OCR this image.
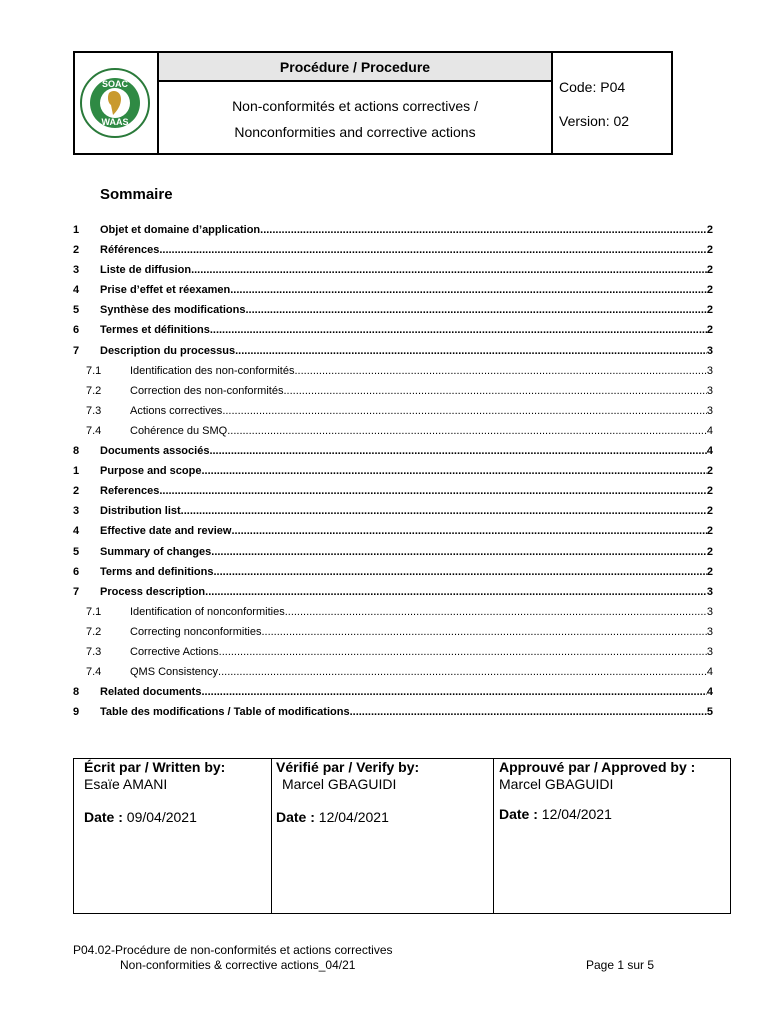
SOAC
WAAS
Procédure / Procedure
Non-conformités et actions correctives /
Nonconformities and corrective actions
Code: P04
Version: 02
Sommaire
1 Objet et domaine d’application .....	2
2 Références .....	2
3 Liste de diffusion .....	2
4 Prise d’effet et réexamen .....	2
5 Synthèse des modifications .....	2
6 Termes et définitions .....	2
7 Description du processus .....	3
7.1	Identification des non-conformités .....	3
7.2	Correction des non-conformités .....	3
7.3	Actions correctives .....	3
7.4	Cohérence du SMQ .....	4
8 Documents associés .....	4
1 Purpose and scope .....	2
2 References .....	2
3 Distribution list .....	2
4 Effective date and review .....	2
5 Summary of changes .....	2
6 Terms and definitions .....	2
7 Process description .....	3
7.1	Identification of nonconformities .....	3
7.2	Correcting nonconformities .....	3
7.3	Corrective Actions .....	3
7.4	QMS Consistency .....	4
8 Related documents .....	4
9 Table des modifications / Table of modifications .....	5
Écrit par / Written by:
Esaïe AMANI
Date : 09/04/2021
Vérifié par / Verify by:
Marcel GBAGUIDI
Date : 12/04/2021
Approuvé par / Approved by :
Marcel GBAGUIDI
Date : 12/04/2021
P04.02-Procédure de non-conformités et actions correctives
Non-conformities & corrective actions_04/21	Page 1 sur 5
